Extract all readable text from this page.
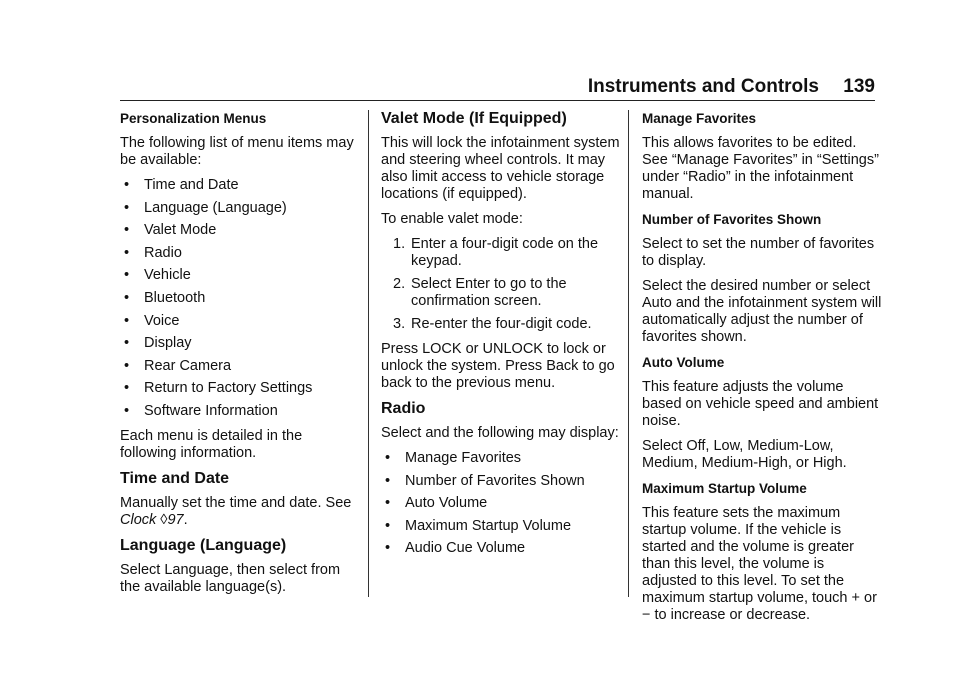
Instruments and Controls 139

Personalization Menus

The following list of menu items may be available:

• Time and Date
• Language (Language)
• Valet Mode
• Radio
• Vehicle
• Bluetooth
• Voice
• Display
• Rear Camera
• Return to Factory Settings
• Software Information

Each menu is detailed in the following information.

Time and Date

Manually set the time and date. See
Clock ◊97.

Language (Language)

Select Language, then select from the available language(s).

Valet Mode (If Equipped)

This will lock the infotainment system and steering wheel controls. It may also limit access to vehicle storage locations (if equipped).

To enable valet mode:

1. Enter a four-digit code on the keypad.
2. Select Enter to go to the confirmation screen.
3. Re-enter the four-digit code.

Press LOCK or UNLOCK to lock or unlock the system. Press Back to go back to the previous menu.

Radio

Select and the following may display:

• Manage Favorites
• Number of Favorites Shown
• Auto Volume
• Maximum Startup Volume
• Audio Cue Volume

Manage Favorites

This allows favorites to be edited. See “Manage Favorites” in “Settings” under “Radio” in the infotainment manual.

Number of Favorites Shown

Select to set the number of favorites to display.

Select the desired number or select Auto and the infotainment system will automatically adjust the number of favorites shown.

Auto Volume

This feature adjusts the volume based on vehicle speed and ambient noise.

Select Off, Low, Medium-Low, Medium, Medium-High, or High.

Maximum Startup Volume

This feature sets the maximum startup volume. If the vehicle is started and the volume is greater than this level, the volume is adjusted to this level. To set the maximum startup volume, touch + or − to increase or decrease.
